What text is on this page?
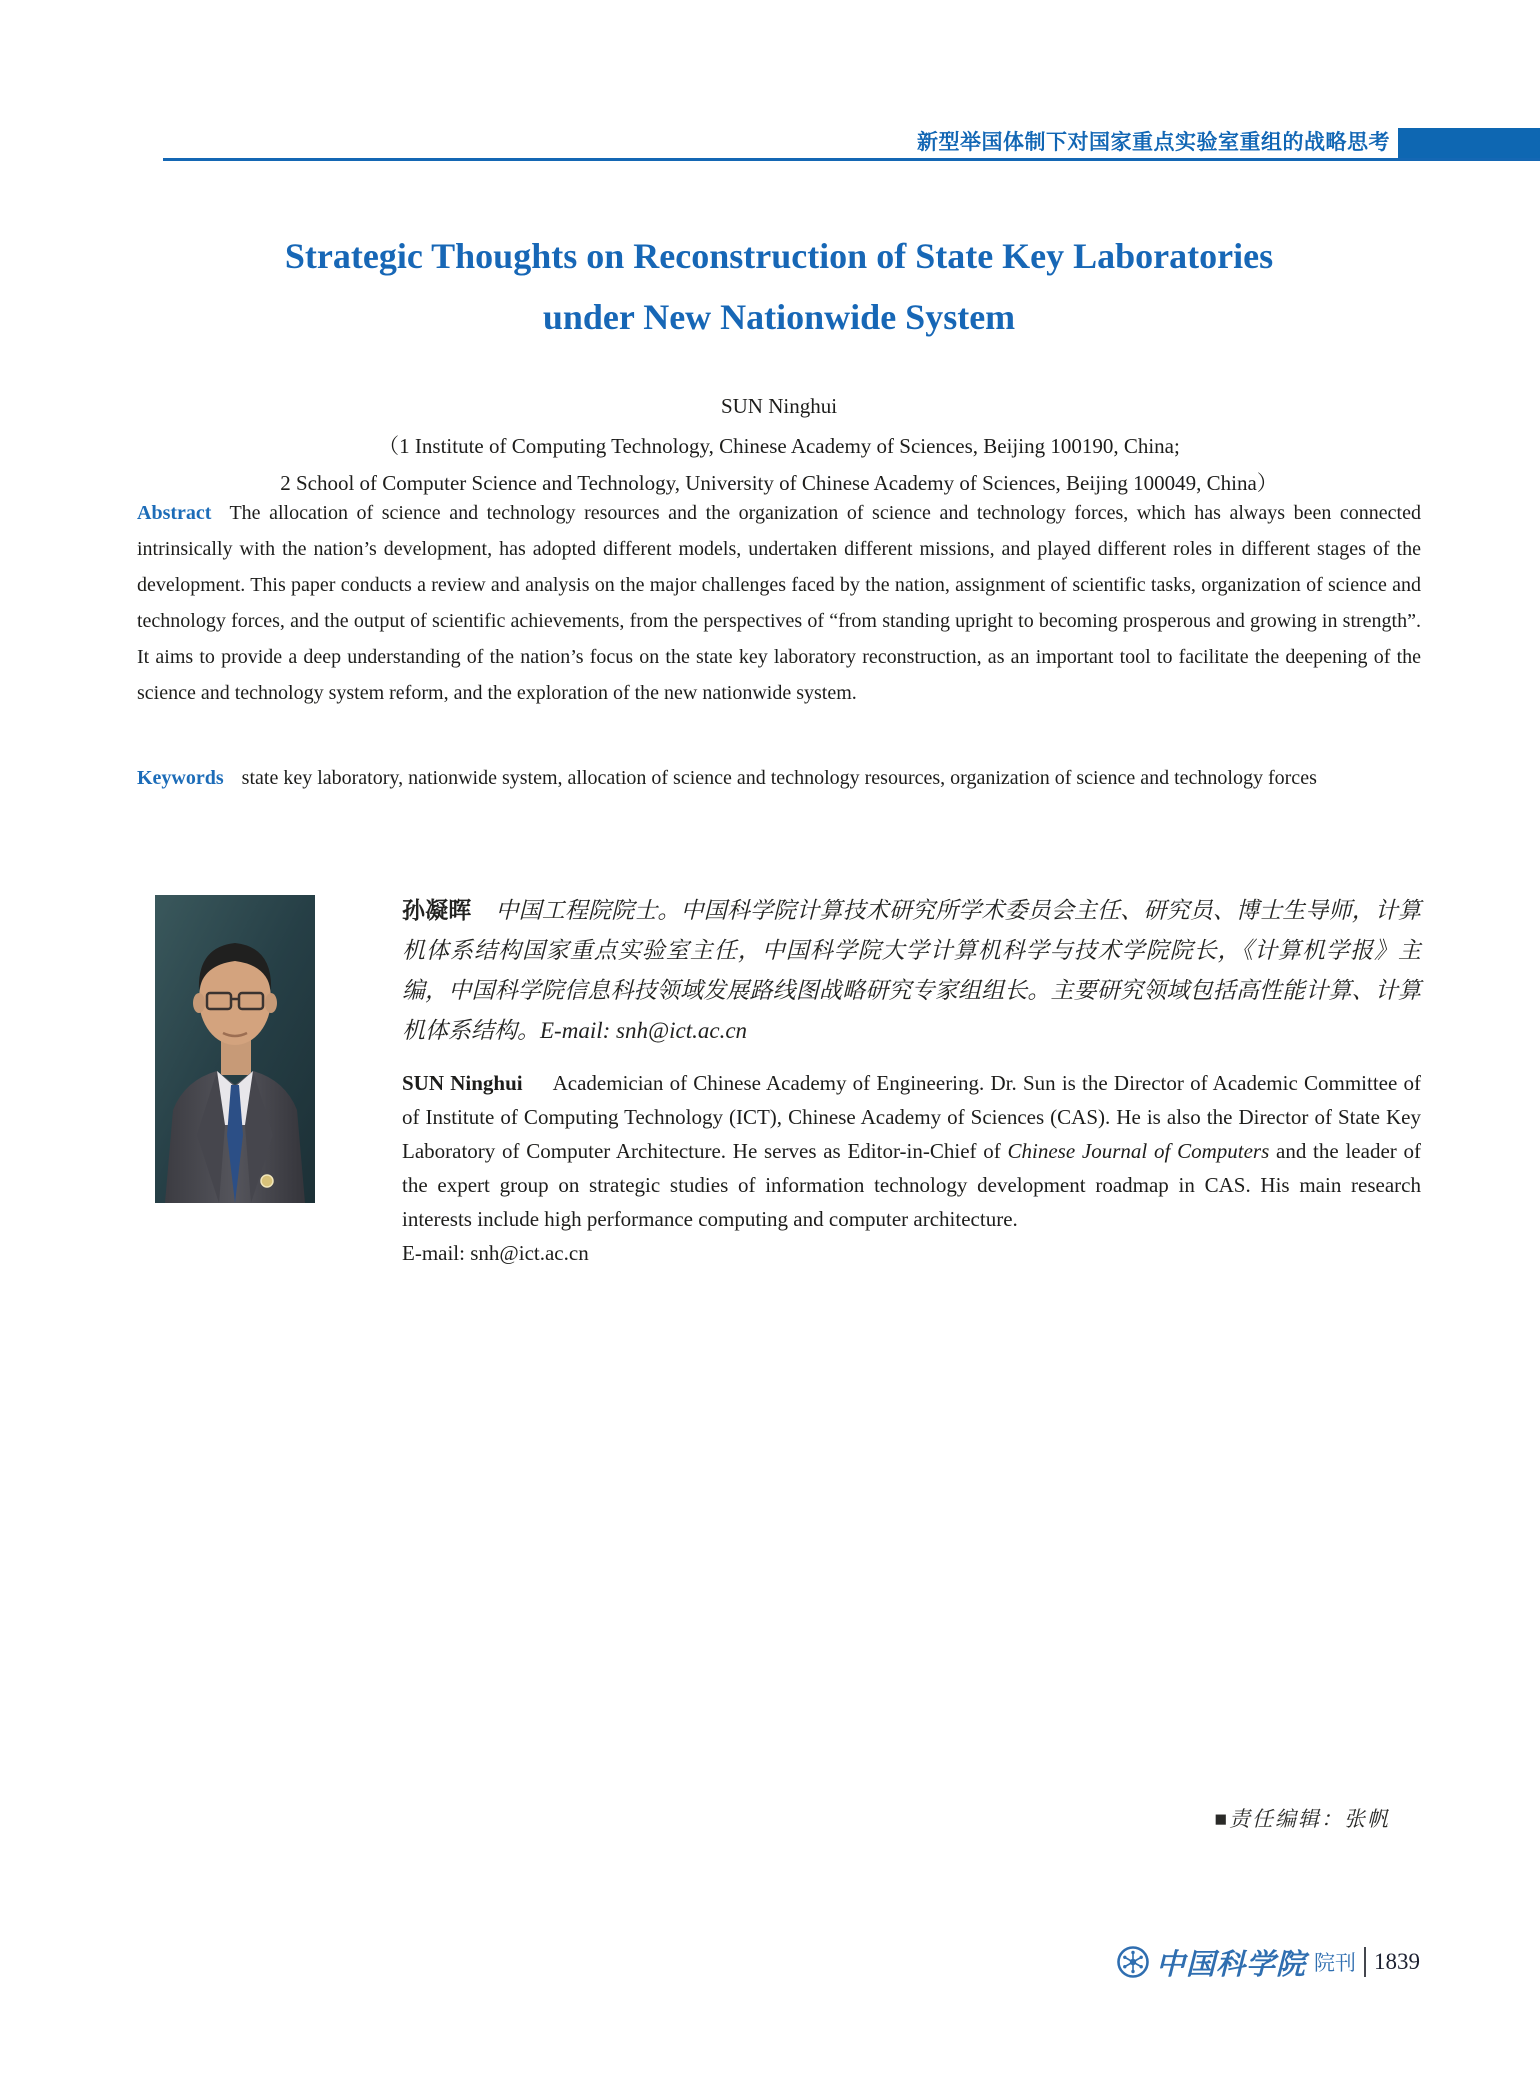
新型举国体制下对国家重点实验室重组的战略思考
Strategic Thoughts on Reconstruction of State Key Laboratories
under New Nationwide System
SUN Ninghui
（1 Institute of Computing Technology, Chinese Academy of Sciences, Beijing 100190, China;
2 School of Computer Science and Technology, University of Chinese Academy of Sciences, Beijing 100049, China）

Abstract The allocation of science and technology resources and the organization of science and technology forces, which has always been connected intrinsically with the nation’s development, has adopted different models, undertaken different missions, and played different roles in different stages of the development. This paper conducts a review and analysis on the major challenges faced by the nation, assignment of scientific tasks, organization of science and technology forces, and the output of scientific achievements, from the perspectives of “from standing upright to becoming prosperous and growing in strength”. It aims to provide a deep understanding of the nation’s focus on the state key laboratory reconstruction, as an important tool to facilitate the deepening of the science and technology system reform, and the exploration of the new nationwide system.

Keywords state key laboratory, nationwide system, allocation of science and technology resources, organization of science and technology forces

孙凝晖 中国工程院院士。中国科学院计算技术研究所学术委员会主任、研究员、博士生导师，计算机体系结构国家重点实验室主任，中国科学院大学计算机科学与技术学院院长，《计算机学报》主编，中国科学院信息科技领域发展路线图战略研究专家组组长。主要研究领域包括高性能计算、计算机体系结构。E-mail: snh@ict.ac.cn
SUN Ninghui Academician of Chinese Academy of Engineering. Dr. Sun is the Director of Academic Committee of of Institute of Computing Technology (ICT), Chinese Academy of Sciences (CAS). He is also the Director of State Key Laboratory of Computer Architecture. He serves as Editor-in-Chief of Chinese Journal of Computers and the leader of the expert group on strategic studies of information technology development roadmap in CAS. His main research interests include high performance computing and computer architecture.
E-mail: snh@ict.ac.cn
■责任编辑：张帆
中国科学院 院刊 1839
